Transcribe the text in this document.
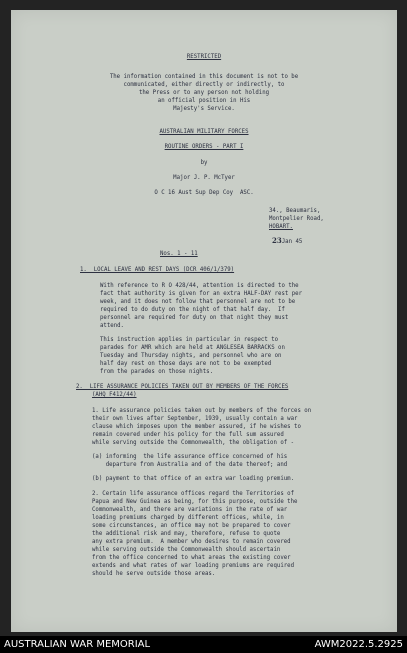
RESTRICTED
The information contained in this document is not to be
communicated, either directly or indirectly, to
the Press or to any person not holding
an official position in His
Majesty's Service.
AUSTRALIAN MILITARY FORCES
ROUTINE ORDERS - PART I
by
Major J. P. McTyer
O C 16 Aust Sup Dep Coy  ASC.
34., Beaumaris,
Montpelier Road,
HOBART.
23Jan 45
Nos. 1 - 11
1.  LOCAL LEAVE AND REST DAYS (DCR 406/1/379)
With reference to R O 428/44, attention is directed to the
fact that authority is given for an extra HALF-DAY rest per
week, and it does not follow that personnel are not to be
required to do duty on the night of that half day.  If
personnel are required for duty on that night they must
attend.
This instruction applies in particular in respect to
parades for AMR which are held at ANGLESEA BARRACKS on
Tuesday and Thursday nights, and personnel who are on
half day rest on those days are not to be exempted
from the parades on those nights.
2.  LIFE ASSURANCE POLICIES TAKEN OUT BY MEMBERS OF THE FORCES
(AHQ F412/44)
1. Life assurance policies taken out by members of the forces on
their own lives after September, 1939, usually contain a war
clause which imposes upon the member assured, if he wishes to
remain covered under his policy for the full sum assured
while serving outside the Commonwealth, the obligation of -
(a) informing  the life assurance office concerned of his
departure from Australia and of the date thereof; and
(b) payment to that office of an extra war loading premium.
2. Certain life assurance offices regard the Territories of
Papua and New Guinea as being, for this purpose, outside the
Commonwealth, and there are variations in the rate of war
loading premiums charged by different offices, while, in
some circumstances, an office may not be prepared to cover
the additional risk and may, therefore, refuse to quote
any extra premium.  A member who desires to remain covered
while serving outside the Commonwealth should ascertain
from the office concerned to what areas the existing cover
extends and what rates of war loading premiums are required
should he serve outside those areas.
AUSTRALIAN WAR MEMORIAL	AWM2022.5.2925
